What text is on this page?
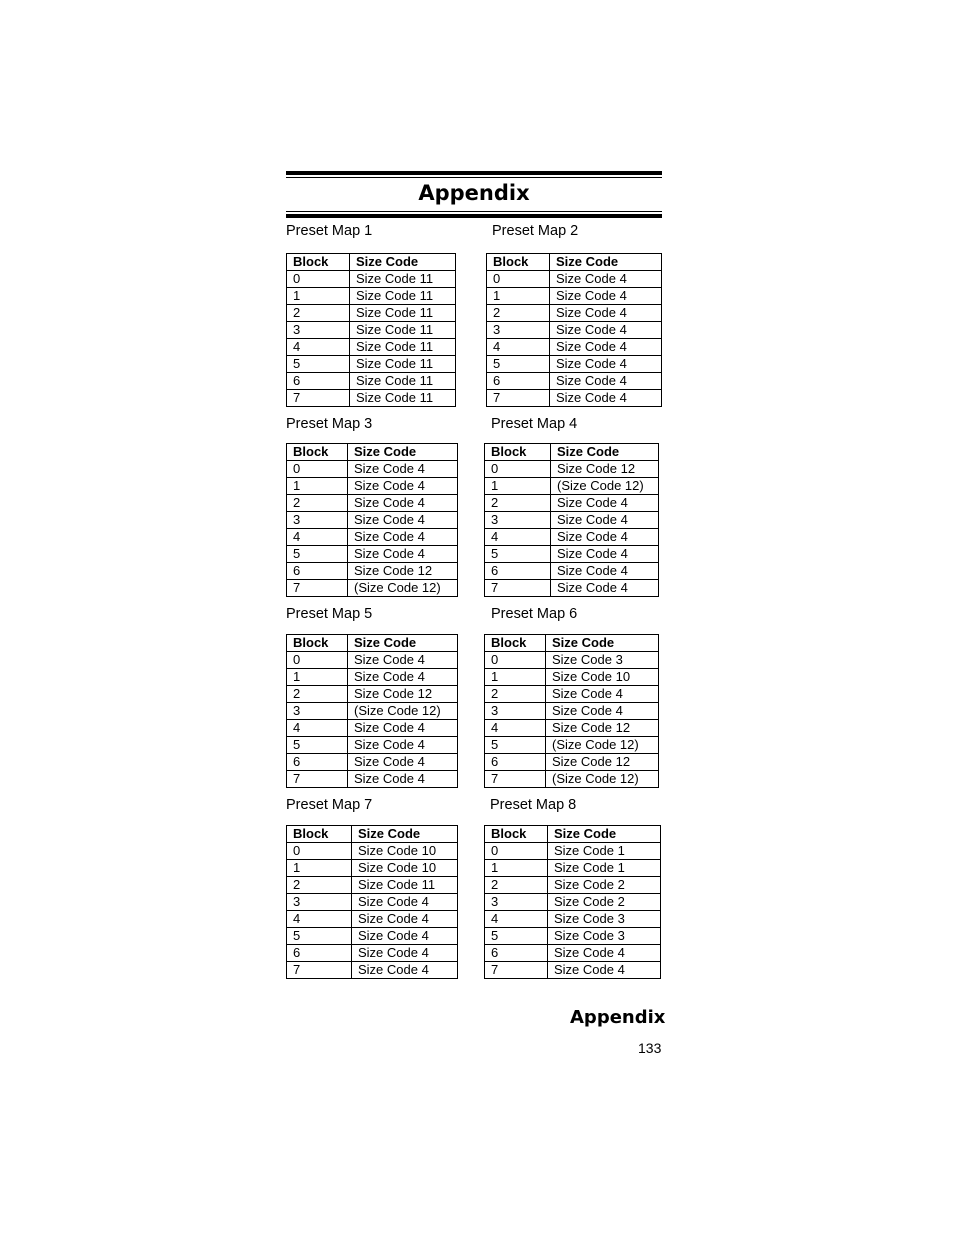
Appendix
Preset Map 1
Block	Size Code
0	Size Code 11
1	Size Code 11
2	Size Code 11
3	Size Code 11
4	Size Code 11
5	Size Code 11
6	Size Code 11
7	Size Code 11
Preset Map 2
Block	Size Code
0	Size Code 4
1	Size Code 4
2	Size Code 4
3	Size Code 4
4	Size Code 4
5	Size Code 4
6	Size Code 4
7	Size Code 4
Preset Map 3
Block	Size Code
0	Size Code 4
1	Size Code 4
2	Size Code 4
3	Size Code 4
4	Size Code 4
5	Size Code 4
6	Size Code 12
7	(Size Code 12)
Preset Map 4
Block	Size Code
0	Size Code 12
1	(Size Code 12)
2	Size Code 4
3	Size Code 4
4	Size Code 4
5	Size Code 4
6	Size Code 4
7	Size Code 4
Preset Map 5
Block	Size Code
0	Size Code 4
1	Size Code 4
2	Size Code 12
3	(Size Code 12)
4	Size Code 4
5	Size Code 4
6	Size Code 4
7	Size Code 4
Preset Map 6
Block	Size Code
0	Size Code 3
1	Size Code 10
2	Size Code 4
3	Size Code 4
4	Size Code 12
5	(Size Code 12)
6	Size Code 12
7	(Size Code 12)
Preset Map 7
Block	Size Code
0	Size Code 10
1	Size Code 10
2	Size Code 11
3	Size Code 4
4	Size Code 4
5	Size Code 4
6	Size Code 4
7	Size Code 4
Preset Map 8
Block	Size Code
0	Size Code 1
1	Size Code 1
2	Size Code 2
3	Size Code 2
4	Size Code 3
5	Size Code 3
6	Size Code 4
7	Size Code 4
Appendix
133
